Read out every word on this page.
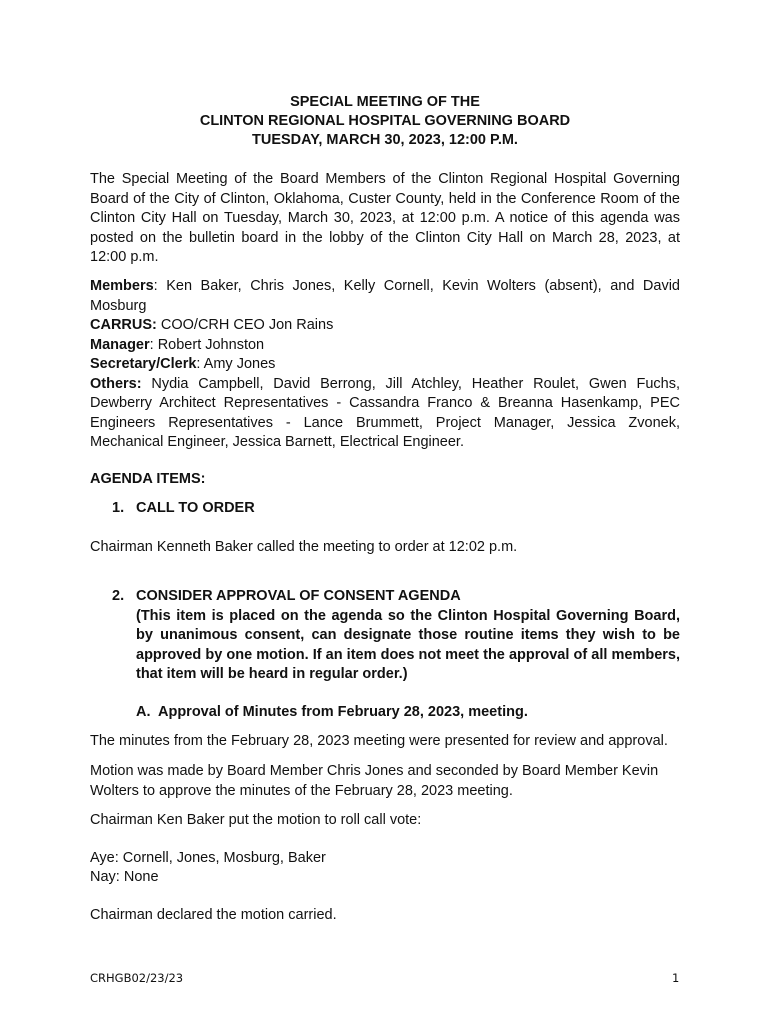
SPECIAL MEETING OF THE
CLINTON REGIONAL HOSPITAL GOVERNING BOARD
TUESDAY, MARCH 30, 2023, 12:00 P.M.
The Special Meeting of the Board Members of the Clinton Regional Hospital Governing Board of the City of Clinton, Oklahoma, Custer County, held in the Conference Room of the Clinton City Hall on Tuesday, March 30, 2023, at 12:00 p.m. A notice of this agenda was posted on the bulletin board in the lobby of the Clinton City Hall on March 28, 2023, at 12:00 p.m.

Members: Ken Baker, Chris Jones, Kelly Cornell, Kevin Wolters (absent), and David Mosburg

CARRUS: COO/CRH CEO Jon Rains

Manager: Robert Johnston

Secretary/Clerk: Amy Jones

Others: Nydia Campbell, David Berrong, Jill Atchley, Heather Roulet, Gwen Fuchs, Dewberry Architect Representatives - Cassandra Franco & Breanna Hasenkamp, PEC Engineers Representatives - Lance Brummett, Project Manager, Jessica Zvonek, Mechanical Engineer, Jessica Barnett, Electrical Engineer.

AGENDA ITEMS:
1. CALL TO ORDER
Chairman Kenneth Baker called the meeting to order at 12:02 p.m.
2. CONSIDER APPROVAL OF CONSENT AGENDA
(This item is placed on the agenda so the Clinton Hospital Governing Board, by unanimous consent, can designate those routine items they wish to be approved by one motion. If an item does not meet the approval of all members, that item will be heard in regular order.)
A. Approval of Minutes from February 28, 2023, meeting.
The minutes from the February 28, 2023 meeting were presented for review and approval.
Motion was made by Board Member Chris Jones and seconded by Board Member Kevin Wolters to approve the minutes of the February 28, 2023 meeting.
Chairman Ken Baker put the motion to roll call vote:
Aye: Cornell, Jones, Mosburg, Baker
Nay: None
Chairman declared the motion carried.
CRHGB02/23/23	1
